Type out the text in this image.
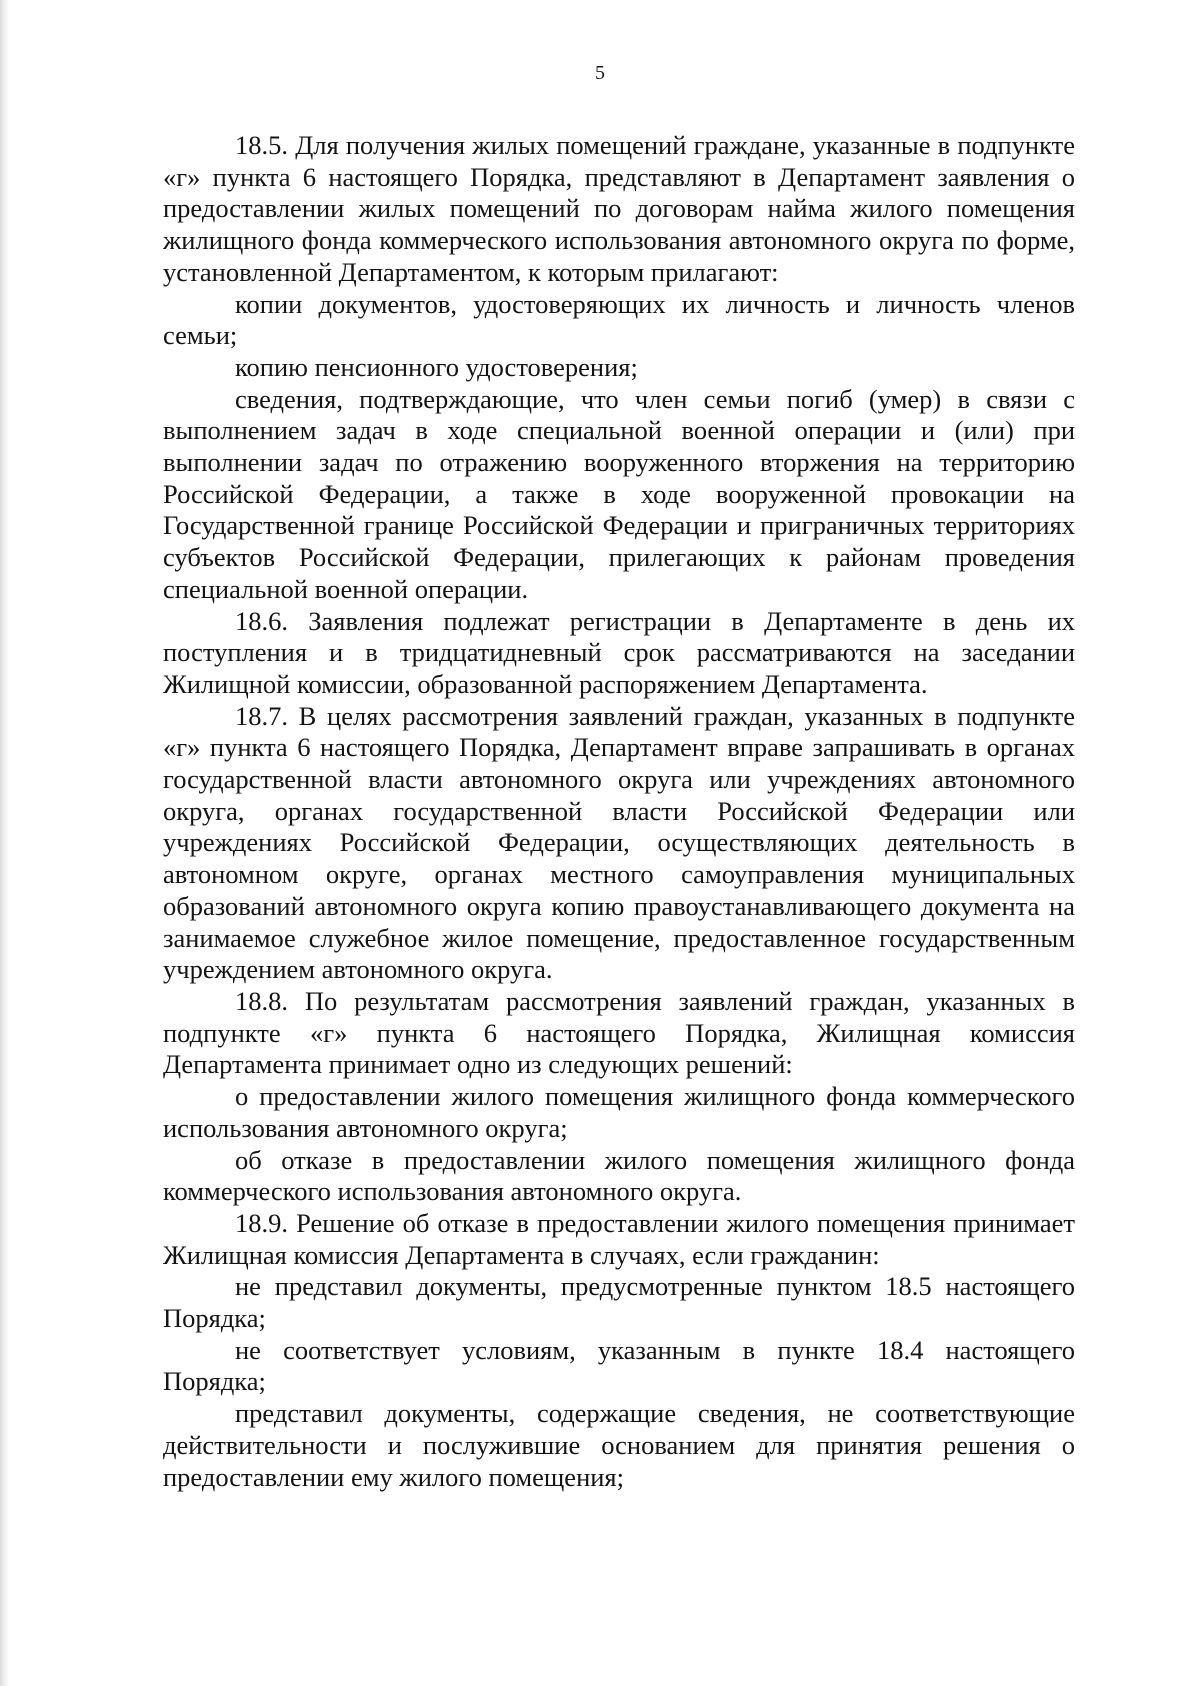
5

18.5. Для получения жилых помещений граждане, указанные в подпункте «г» пункта 6 настоящего Порядка, представляют в Департамент заявления о предоставлении жилых помещений по договорам найма жилого помещения жилищного фонда коммерческого использования автономного округа по форме, установленной Департаментом, к которым прилагают:

копии документов, удостоверяющих их личность и личность членов семьи;

копию пенсионного удостоверения;

сведения, подтверждающие, что член семьи погиб (умер) в связи с выполнением задач в ходе специальной военной операции и (или) при выполнении задач по отражению вооруженного вторжения на территорию Российской Федерации, а также в ходе вооруженной провокации на Государственной границе Российской Федерации и приграничных территориях субъектов Российской Федерации, прилегающих к районам проведения специальной военной операции.

18.6. Заявления подлежат регистрации в Департаменте в день их поступления и в тридцатидневный срок рассматриваются на заседании Жилищной комиссии, образованной распоряжением Департамента.

18.7. В целях рассмотрения заявлений граждан, указанных в подпункте «г» пункта 6 настоящего Порядка, Департамент вправе запрашивать в органах государственной власти автономного округа или учреждениях автономного округа, органах государственной власти Российской Федерации или учреждениях Российской Федерации, осуществляющих деятельность в автономном округе, органах местного самоуправления муниципальных образований автономного округа копию правоустанавливающего документа на занимаемое служебное жилое помещение, предоставленное государственным учреждением автономного округа.

18.8. По результатам рассмотрения заявлений граждан, указанных в подпункте «г» пункта 6 настоящего Порядка, Жилищная комиссия Департамента принимает одно из следующих решений:

о предоставлении жилого помещения жилищного фонда коммерческого использования автономного округа;

об отказе в предоставлении жилого помещения жилищного фонда коммерческого использования автономного округа.

18.9. Решение об отказе в предоставлении жилого помещения принимает Жилищная комиссия Департамента в случаях, если гражданин:

не представил документы, предусмотренные пунктом 18.5 настоящего Порядка;

не соответствует условиям, указанным в пункте 18.4 настоящего Порядка;

представил документы, содержащие сведения, не соответствующие действительности и послужившие основанием для принятия решения о предоставлении ему жилого помещения;
